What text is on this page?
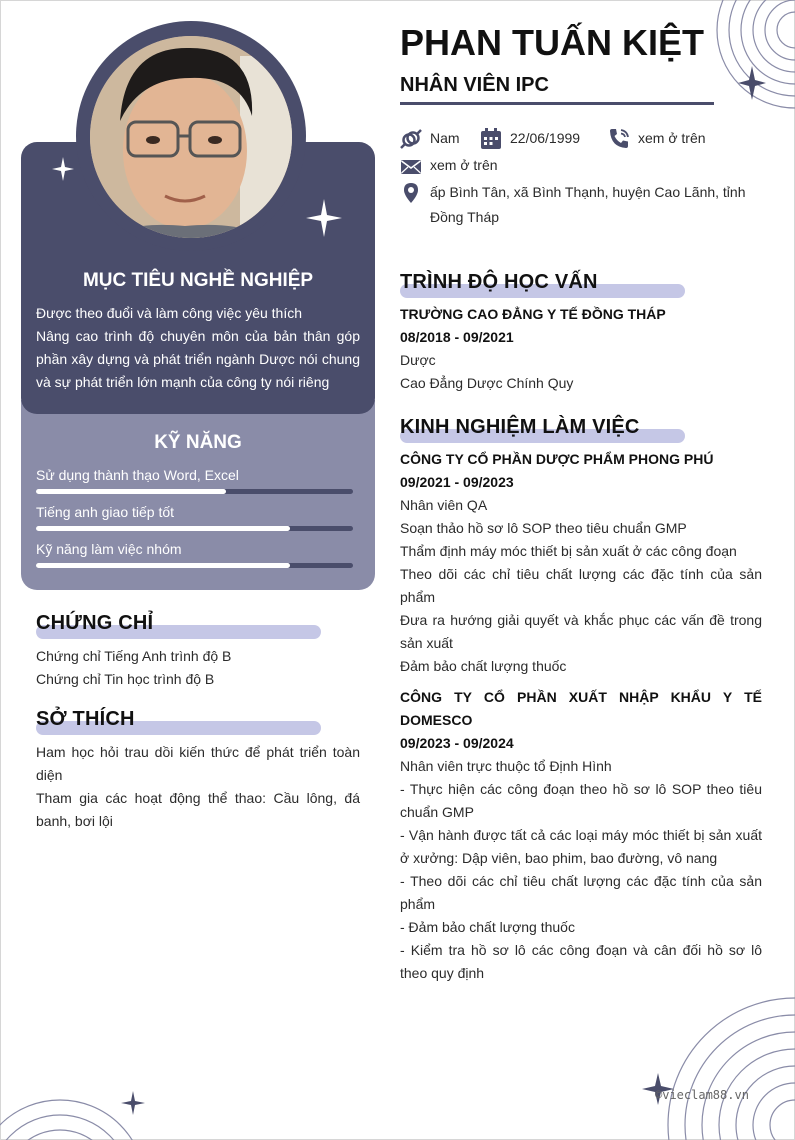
MỤC TIÊU NGHỀ NGHIỆP

Được theo đuổi và làm công việc yêu thích

Nâng cao trình độ chuyên môn của bản thân góp phần xây dựng và phát triển ngành Dược nói chung và sự phát triển lớn mạnh của công ty nói riêng

KỸ NĂNG
Sử dụng thành thạo Word, Excel
Tiếng anh giao tiếp tốt
Kỹ năng làm việc nhóm
CHỨNG CHỈ

Chứng chỉ Tiếng Anh trình độ B

Chứng chỉ Tin học trình độ B

SỞ THÍCH

Ham học hỏi trau dồi kiến thức để phát triển toàn diện

Tham gia các hoạt động thể thao: Cầu lông, đá banh, bơi lội

PHAN TUẤN KIỆT
NHÂN VIÊN IPC
Nam	22/06/1999	xem ở trên
xem ở trên
ấp Bình Tân, xã Bình Thạnh, huyện Cao Lãnh, tỉnh
Đồng Tháp
TRÌNH ĐỘ HỌC VẤN

TRƯỜNG CAO ĐẲNG Y TẾ ĐỒNG THÁP

08/2018 - 09/2021

Dược

Cao Đẳng Dược Chính Quy

KINH NGHIỆM LÀM VIỆC

CÔNG TY CỔ PHẦN DƯỢC PHẨM PHONG PHÚ

09/2021 - 09/2023

Nhân viên QA

Soạn thảo hồ sơ lô SOP theo tiêu chuẩn GMP

Thẩm định máy móc thiết bị sản xuất ở các công đoạn

Theo dõi các chỉ tiêu chất lượng các đặc tính của sản phẩm

Đưa ra hướng giải quyết và khắc phục các vấn đề trong sản xuất

Đảm bảo chất lượng thuốc

CÔNG TY CỔ PHẦN XUẤT NHẬP KHẨU Y TẾ DOMESCO

09/2023 - 09/2024

Nhân viên trực thuộc tổ Định Hình

- Thực hiện các công đoạn theo hồ sơ lô SOP theo tiêu chuẩn GMP

- Vận hành được tất cả các loại máy móc thiết bị sản xuất ở xưởng: Dập viên, bao phim, bao đường, vô nang

- Theo dõi các chỉ tiêu chất lượng các đặc tính của sản phẩm

- Đảm bảo chất lượng thuốc

- Kiểm tra hồ sơ lô các công đoạn và cân đối hồ sơ lô theo quy định

©vieclam88.vn
